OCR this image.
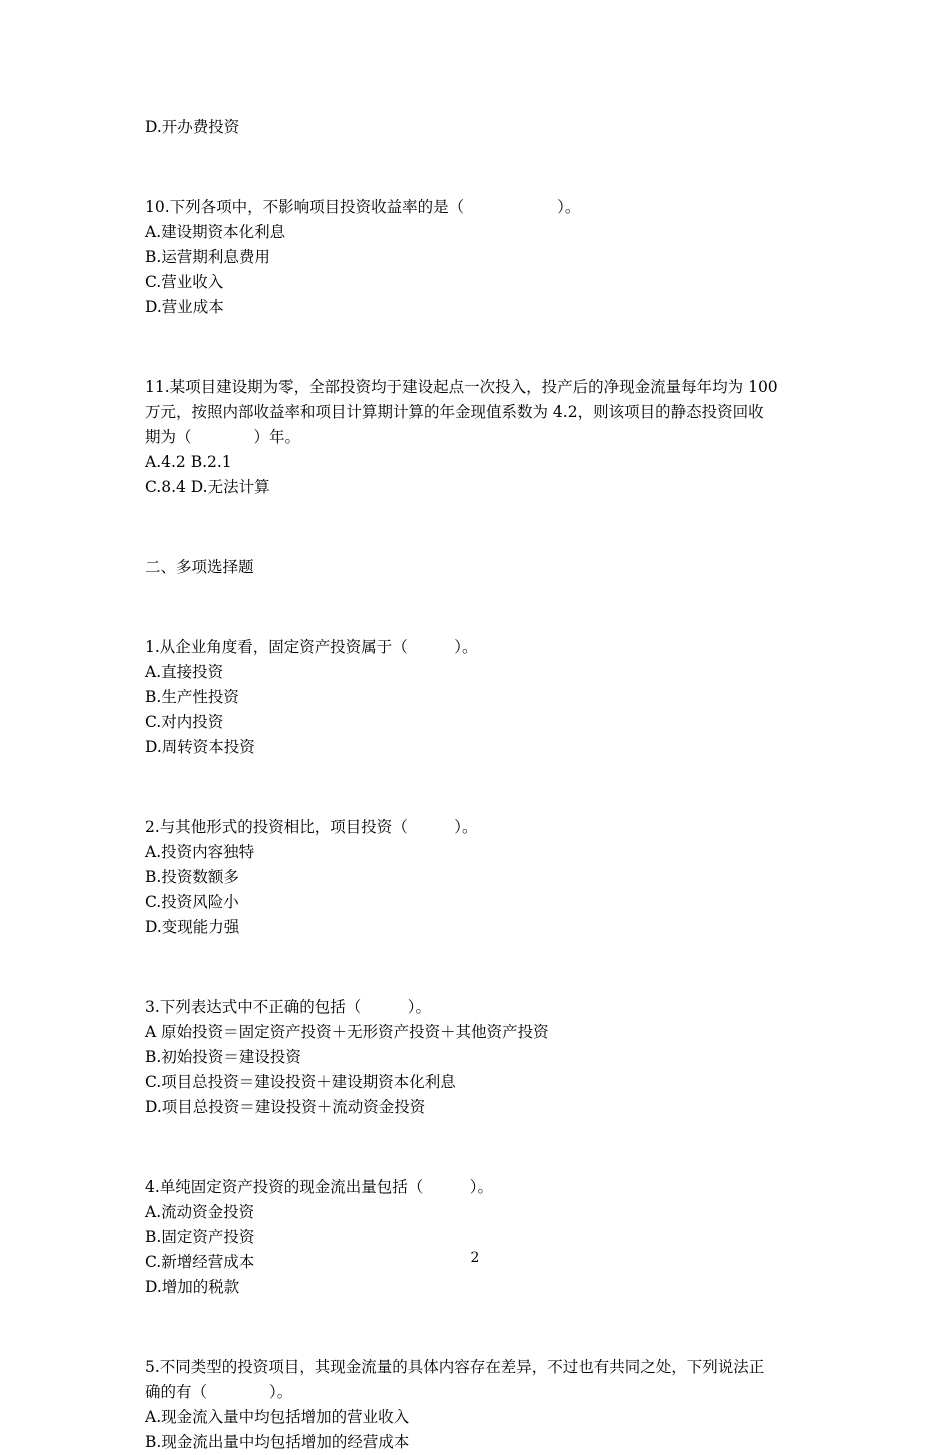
D.开办费投资

10.下列各项中，不影响项目投资收益率的是（　　　　　　）。

A.建设期资本化利息

B.运营期利息费用

C.营业收入

D.营业成本

11.某项目建设期为零，全部投资均于建设起点一次投入，投产后的净现金流量每年均为 100

万元，按照内部收益率和项目计算期计算的年金现值系数为 4.2，则该项目的静态投资回收

期为（　　　　）年。

A.4.2 B.2.1

C.8.4 D.无法计算

二、多项选择题

1.从企业角度看，固定资产投资属于（　　　）。

A.直接投资

B.生产性投资

C.对内投资

D.周转资本投资

2.与其他形式的投资相比，项目投资（　　　）。

A.投资内容独特

B.投资数额多

C.投资风险小

D.变现能力强

3.下列表达式中不正确的包括（　　　）。

A 原始投资＝固定资产投资＋无形资产投资＋其他资产投资

B.初始投资＝建设投资

C.项目总投资＝建设投资＋建设期资本化利息

D.项目总投资＝建设投资＋流动资金投资

4.单纯固定资产投资的现金流出量包括（　　　）。

A.流动资金投资

B.固定资产投资

C.新增经营成本

D.增加的税款

5.不同类型的投资项目，其现金流量的具体内容存在差异，不过也有共同之处，下列说法正

确的有（　　　　）。

A.现金流入量中均包括增加的营业收入

B.现金流出量中均包括增加的经营成本

2
